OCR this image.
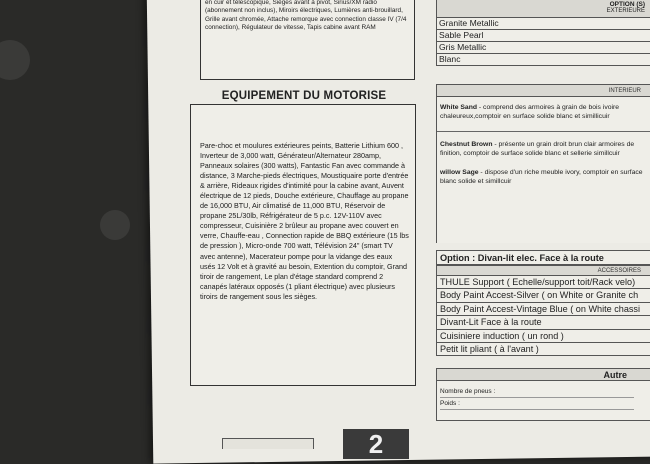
en cuir et télescopique, Sièges avant à pivot, Sirius/XM radio (abonnement non inclus), Miroirs électriques, Lumières anti-brouillard, Grille avant chromée, Attache remorque avec connection classe IV (7/4 connection), Régulateur de vitesse, Tapis cabine avant RAM
EQUIPEMENT DU MOTORISE
Pare-choc et moulures extérieures peints, Batterie Lithium 600 , Inverteur de 3,000 watt, Générateur/Alternateur 280amp, Panneaux solaires (300 watts), Fantastic Fan avec commande à distance, 3 Marche-pieds électriques, Moustiquaire porte d'entrée & arrière, Rideaux rigides d'intimité pour la cabine avant, Auvent électrique de 12 pieds, Douche extérieure, Chauffage au propane de 16,000 BTU, Air climatisé de 11,000 BTU, Réservoir de propane 25L/30lb, Réfrigérateur de 5 p.c. 12V-110V avec compresseur, Cuisinière 2 brûleur au propane avec couvert en verre, Chauffe-eau , Connection rapide de BBQ extérieure (15 lbs de pression ), Micro-onde 700 watt, Télévision 24" (smart TV avec antenne), Macerateur pompe pour la vidange des eaux usés 12 Volt et à gravité au besoin, Extention du comptoir, Grand tiroir de rangement, Le plan d'étage standard comprend 2 canapés latéraux opposés (1 pliant électrique) avec plusieurs tiroirs de rangement sous les sièges.
OPTION (S)
EXTERIEURE
Granite Metallic
Sable Pearl
Gris Metallic
Blanc
INTERIEUR
White Sand - comprend des armoires à grain de bois ivoire chaleureux,comptoir en surface solide blanc et simillicuir
Chestnut Brown - présente un grain droit brun clair armoires de finition, comptoir de surface solide blanc et sellerie simillcuir
willow Sage - dispose d'un riche meuble ivory, comptoir en surface blanc solide et simillcuir
Option : Divan-lit elec. Face à la route
ACCESSOIRES
THULE Support ( Echelle/support toit/Rack velo)
Body Paint Accest-Silver ( on White or Granite ch
Body Paint Accest-Vintage Blue ( on White chassi
Divant-Lit Face à la route
Cuisiniere induction ( un rond )
Petit lit pliant ( à l'avant )
Autre
Nombre de pneus :
Poids :
2
